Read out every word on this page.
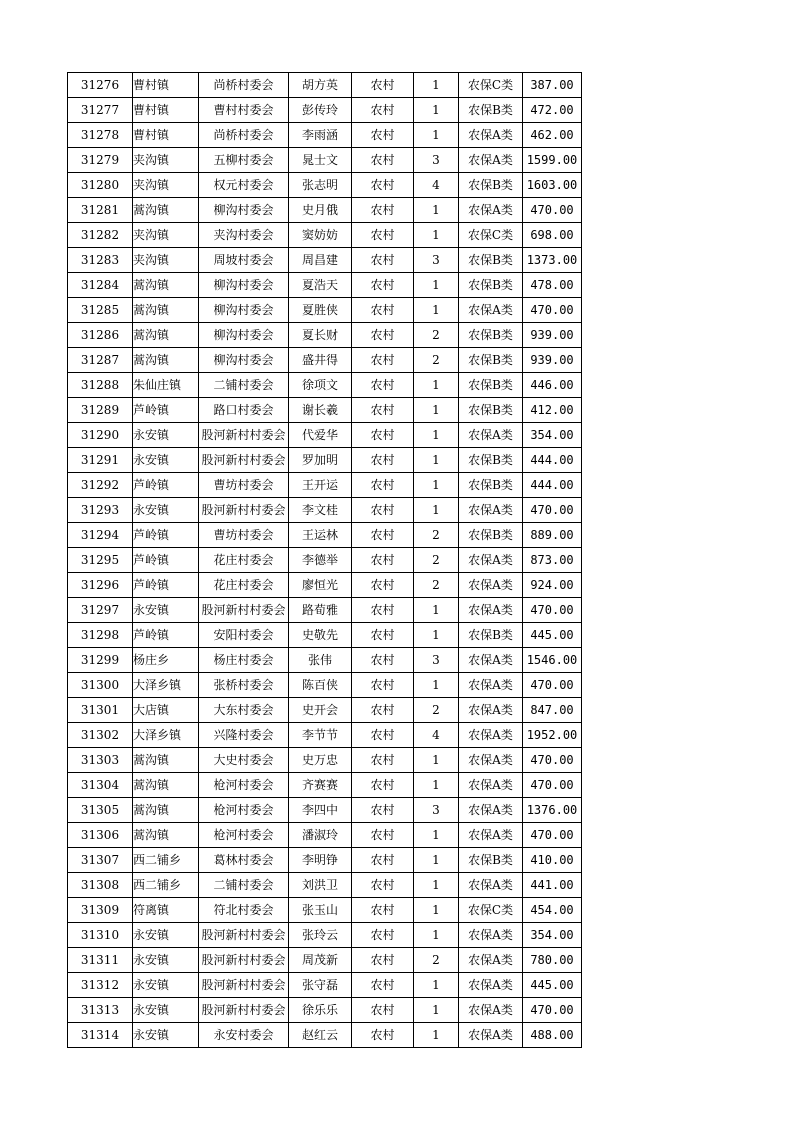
31276	曹村镇	尚桥村委会	胡方英	农村	1	农保C类	387.00
31277	曹村镇	曹村村委会	彭传玲	农村	1	农保B类	472.00
31278	曹村镇	尚桥村委会	李雨涵	农村	1	农保A类	462.00
31279	夹沟镇	五柳村委会	晁士文	农村	3	农保A类	1599.00
31280	夹沟镇	权元村委会	张志明	农村	4	农保B类	1603.00
31281	蒿沟镇	柳沟村委会	史月俄	农村	1	农保A类	470.00
31282	夹沟镇	夹沟村委会	窦妨妨	农村	1	农保C类	698.00
31283	夹沟镇	周坡村委会	周昌建	农村	3	农保B类	1373.00
31284	蒿沟镇	柳沟村委会	夏浩天	农村	1	农保B类	478.00
31285	蒿沟镇	柳沟村委会	夏胜侠	农村	1	农保A类	470.00
31286	蒿沟镇	柳沟村委会	夏长财	农村	2	农保B类	939.00
31287	蒿沟镇	柳沟村委会	盛井得	农村	2	农保B类	939.00
31288	朱仙庄镇	二铺村委会	徐项文	农村	1	农保B类	446.00
31289	芦岭镇	路口村委会	谢长羲	农村	1	农保B类	412.00
31290	永安镇	股河新村村委会	代爱华	农村	1	农保A类	354.00
31291	永安镇	股河新村村委会	罗加明	农村	1	农保B类	444.00
31292	芦岭镇	曹坊村委会	王开运	农村	1	农保B类	444.00
31293	永安镇	股河新村村委会	李文桂	农村	1	农保A类	470.00
31294	芦岭镇	曹坊村委会	王运林	农村	2	农保B类	889.00
31295	芦岭镇	花庄村委会	李德举	农村	2	农保A类	873.00
31296	芦岭镇	花庄村委会	廖恒光	农村	2	农保A类	924.00
31297	永安镇	股河新村村委会	路荀雅	农村	1	农保A类	470.00
31298	芦岭镇	安阳村委会	史敬先	农村	1	农保B类	445.00
31299	杨庄乡	杨庄村委会	张伟	农村	3	农保A类	1546.00
31300	大泽乡镇	张桥村委会	陈百侠	农村	1	农保A类	470.00
31301	大店镇	大东村委会	史开会	农村	2	农保A类	847.00
31302	大泽乡镇	兴隆村委会	李节节	农村	4	农保A类	1952.00
31303	蒿沟镇	大史村委会	史万忠	农村	1	农保A类	470.00
31304	蒿沟镇	枪河村委会	齐赛赛	农村	1	农保A类	470.00
31305	蒿沟镇	枪河村委会	李四中	农村	3	农保A类	1376.00
31306	蒿沟镇	枪河村委会	潘淑玲	农村	1	农保A类	470.00
31307	西二铺乡	葛林村委会	李明铮	农村	1	农保B类	410.00
31308	西二铺乡	二铺村委会	刘洪卫	农村	1	农保A类	441.00
31309	符离镇	符北村委会	张玉山	农村	1	农保C类	454.00
31310	永安镇	股河新村村委会	张玲云	农村	1	农保A类	354.00
31311	永安镇	股河新村村委会	周茂新	农村	2	农保A类	780.00
31312	永安镇	股河新村村委会	张守磊	农村	1	农保A类	445.00
31313	永安镇	股河新村村委会	徐乐乐	农村	1	农保A类	470.00
31314	永安镇	永安村委会	赵红云	农村	1	农保A类	488.00
